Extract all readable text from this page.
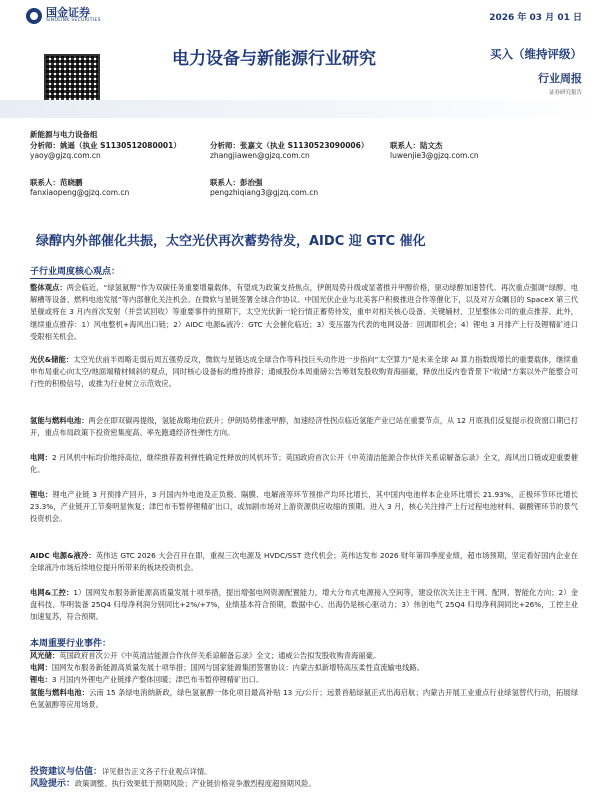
国金证券
SINOLINK SECURITIES	2026 年 03 月 01 日
电力设备与新能源行业研究	买入（维持评级）
行业周报
证券研究报告
新能源与电力设备组
分析师：姚遥（执业 S1130512080001）
yaoy@gjzq.com.cn
分析师：张嘉文（执业 S1130523090006）
zhangjiawen@gjzq.com.cn
联系人：陆文杰
luwenjie3@gjzq.com.cn
联系人：范晓鹏
fanxiaopeng@gjzq.com.cn
联系人：彭治强
pengzhiqiang3@gjzq.com.cn
绿醇内外部催化共振，太空光伏再次蓄势待发，AIDC 迎 GTC 催化
子行业周度核心观点：
整体观点：两会临近，“绿氢氨醇”作为双碳任务重要增量载体，有望成为政策支持焦点，伊朗局势升级或显著推升甲醇价格，驱动绿醇加速替代。再次重点强调“绿醇、电解槽等设备、燃料电池发展”等内部催化关注机会。在微软与星链签署全球合作协议、中国光伏企业与北美客户积极推进合作等催化下，以及对万众瞩目的 SpaceX 第三代星舰或将在 3 月内首次发射（并尝试回收）等重要事件的预期下，太空光伏新一轮行情正蓄势待发，重申对相关核心设备、关键辅材、卫星整体公司的重点推荐。此外，继续重点推荐：1）风电整机+海风出口链；2）AIDC 电源&液冷：GTC 大会催化临近；3）变压器为代表的电网设备：回调即机会；4）锂电 3 月排产上行及锂精矿进口受限相关机会。
光伏&储能：太空光伏前半周略走弱后周五强势反攻，微软与星链达成全球合作等科技巨头动作进一步指向“太空算力”是未来全球 AI 算力指数级增长的重要载体，继续重申布局重心向太空/地面端精材倾斜的观点，同时核心设备标的维持推荐；通威股份本周重磅公告筹划发股收购青海丽豪，释放出反内卷背景下“收储”方案以外产能整合可行性的积极信号，或推为行业树立示范效应。
氢能与燃料电池：两会在即双碳再提级，氢能战略地位跃升；伊朗局势推涨甲醇，加速经济性拐点临近氢能产业已站在重要节点，从 12 月底我们反复提示投资窗口期已打开，重点布局政策下投资密集度高、率先跑通经济性弹性方向。
电网：2 月风机中标均价维持高位，继续推荐盈利弹性确定性释放的风机环节；英国政府首次公开《中英清洁能源合作伙伴关系谅解备忘录》全文，海风出口链或迎重要催化。
锂电：锂电产业链 3 月预排产回升，3 月国内外电池及正负极、隔膜、电解液等环节预排产均环比增长，其中国内电池样本企业环比增长 21.93%，正极环节环比增长 23.3%，产业链开工节奏明显恢复；津巴布韦暂停锂精矿出口，或加剧市场对上游资源供应收缩的预期。进入 3 月，核心关注排产上行过程电池材料、碳酸锂环节的景气投资机会。
AIDC 电源&液冷：英伟达 GTC 2026 大会召开在即，重视三次电源及 HVDC/SST 迭代机会；英伟达发布 2026 财年第四季度业绩，超市场预期，坚定看好国内企业在全球液冷市场后续地位提升所带来的板块投资机会。
电网&工控：1）国网发布服务新能源高质量发展十项举措，提出增强电网资源配置能力，增大分布式电源接入空间等，建设依次关注主干网、配网、智能化方向；2）金盘科技、华明装备 25Q4 归母净利润分别同比+2%/+7%，业绩基本符合预期，数据中心、出海仍是核心驱动力；3）伟创电气 25Q4 归母净利润同比+26%，工控主业加速复苏，符合预期。
本周重要行业事件：
风光储：英国政府首次公开《中英清洁能源合作伙伴关系谅解备忘录》全文；通威公告拟发股收购青海丽豪。
电网：国网发布服务新能源高质量发展十项举措；国网与国家能源集团签署协议：内蒙古拟新增特高压柔性直流输电线路。
锂电：3 月国内外锂电产业链排产整体回暖；津巴布韦暂停锂精矿出口。
氢能与燃料电池：云南 15 条绿电消纳新政，绿色氢氨醇一体化项目最高补贴 13 元/公斤；远景首船绿氨正式出海启航；内蒙古开展工业重点行业绿氢替代行动，拓展绿色氢氨醇等应用场景。
投资建议与估值：详见报告正文各子行业观点详情。
风险提示：政策调整、执行效果低于预期风险；产业链价格竞争激烈程度超预期风险。
